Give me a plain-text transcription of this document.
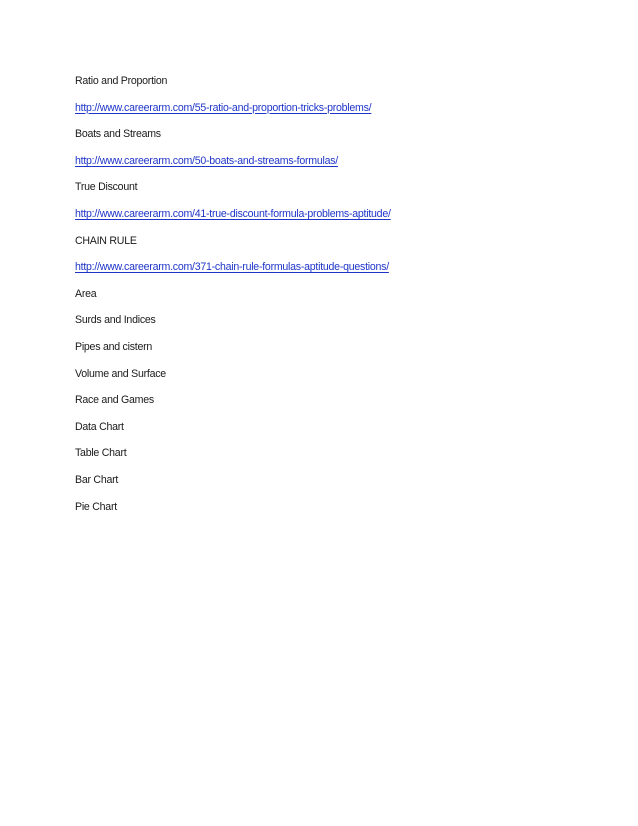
Ratio and Proportion
http://www.careerarm.com/55-ratio-and-proportion-tricks-problems/
Boats and Streams
http://www.careerarm.com/50-boats-and-streams-formulas/
True Discount
http://www.careerarm.com/41-true-discount-formula-problems-aptitude/
CHAIN RULE
http://www.careerarm.com/371-chain-rule-formulas-aptitude-questions/
Area
Surds and Indices
Pipes and cistern
Volume and Surface
Race and Games
Data Chart
Table Chart
Bar Chart
Pie Chart
